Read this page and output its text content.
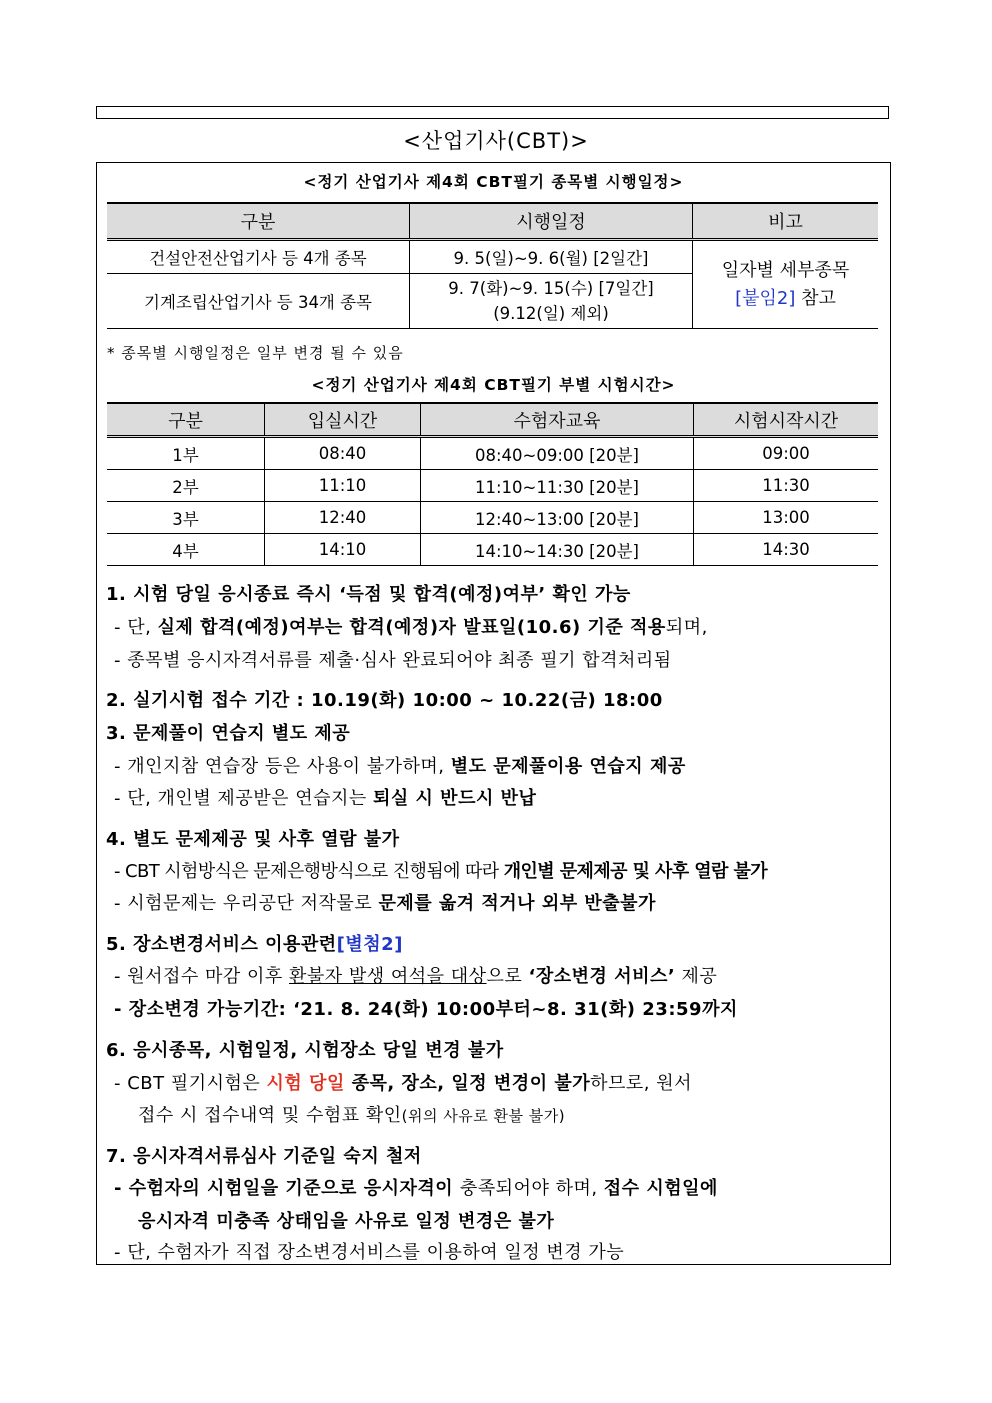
<산업기사(CBT)>
<정기 산업기사 제4회 CBT필기 종목별 시행일정>
구분	시행일정	비고
건설안전산업기사 등 4개 종목	9. 5(일)~9. 6(월) [2일간]	일자별 세부종목
[붙임2] 참고

기계조립산업기사 등 34개 종목	9. 7(화)~9. 15(수) [7일간]
(9.12(일) 제외)	
* 종목별 시행일정은 일부 변경 될 수 있음
<정기 산업기사 제4회 CBT필기 부별 시험시간>
구분	입실시간	수험자교육	시험시작시간
1부	08:40	08:40~09:00 [20분]	09:00
2부	11:10	11:10~11:30 [20분]	11:30
3부	12:40	12:40~13:00 [20분]	13:00
4부	14:10	14:10~14:30 [20분]	14:30
1. 시험 당일 응시종료 즉시 ‘득점 및 합격(예정)여부’ 확인 가능
- 단, 실제 합격(예정)여부는 합격(예정)자 발표일(10.6) 기준 적용되며,
- 종목별 응시자격서류를 제출·심사 완료되어야 최종 필기 합격처리됨
2. 실기시험 접수 기간 : 10.19(화) 10:00 ~ 10.22(금) 18:00
3. 문제풀이 연습지 별도 제공
- 개인지참 연습장 등은 사용이 불가하며, 별도 문제풀이용 연습지 제공
- 단, 개인별 제공받은 연습지는 퇴실 시 반드시 반납
4. 별도 문제제공 및 사후 열람 불가
- CBT 시험방식은 문제은행방식으로 진행됨에 따라 개인별 문제제공 및 사후 열람 불가
- 시험문제는 우리공단 저작물로 문제를 옮겨 적거나 외부 반출불가
5. 장소변경서비스 이용관련[별첨2]
- 원서접수 마감 이후 환불자 발생 여석을 대상으로 ‘장소변경 서비스’ 제공
- 장소변경 가능기간: ‘21. 8. 24(화) 10:00부터~8. 31(화) 23:59까지
6. 응시종목, 시험일정, 시험장소 당일 변경 불가
- CBT 필기시험은 시험 당일 종목, 장소, 일정 변경이 불가하므로, 원서
접수 시 접수내역 및 수험표 확인(위의 사유로 환불 불가)
7. 응시자격서류심사 기준일 숙지 철저
- 수험자의 시험일을 기준으로 응시자격이 충족되어야 하며, 접수 시험일에
응시자격 미충족 상태임을 사유로 일정 변경은 불가
- 단, 수험자가 직접 장소변경서비스를 이용하여 일정 변경 가능
